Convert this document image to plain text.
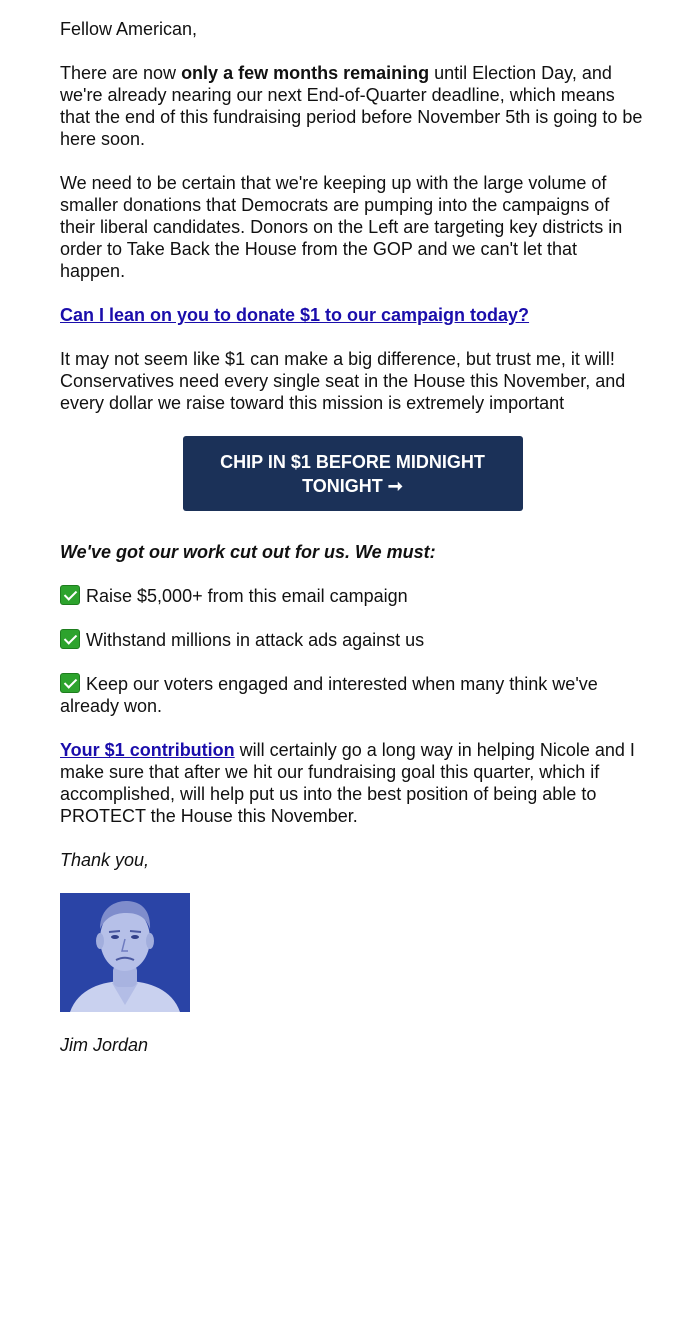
Fellow American,

There are now only a few months remaining until Election Day, and we're already nearing our next End-of-Quarter deadline, which means that the end of this fundraising period before November 5th is going to be here soon.

We need to be certain that we're keeping up with the large volume of smaller donations that Democrats are pumping into the campaigns of their liberal candidates. Donors on the Left are targeting key districts in order to Take Back the House from the GOP and we can't let that happen.

Can I lean on you to donate $1 to our campaign today?

It may not seem like $1 can make a big difference, but trust me, it will! Conservatives need every single seat in the House this November, and every dollar we raise toward this mission is extremely important

CHIP IN $1 BEFORE MIDNIGHT TONIGHT ➞

We've got our work cut out for us. We must:

Raise $5,000+ from this email campaign
Withstand millions in attack ads against us
Keep our voters engaged and interested when many think we've already won.

Your $1 contribution will certainly go a long way in helping Nicole and I make sure that after we hit our fundraising goal this quarter, which if accomplished, will help put us into the best position of being able to PROTECT the House this November.

Thank you,

Jim Jordan
